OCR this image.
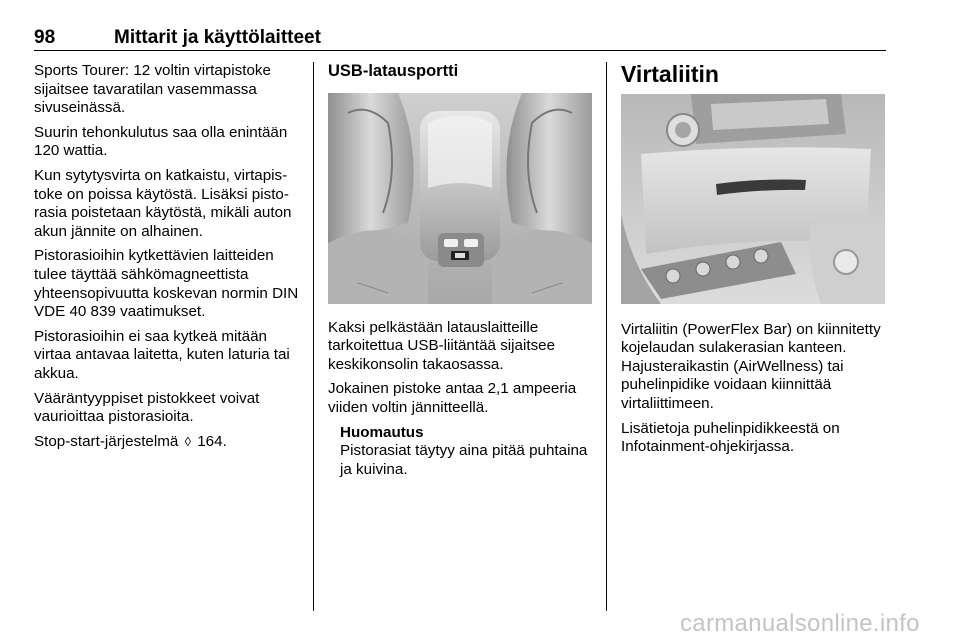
98	Mittarit ja käyttölaitteet

Sports Tourer: 12 voltin virtapistoke sijaitsee tavaratilan vasemmassa sivuseinässä.

Suurin tehonkulutus saa olla enintään 120 wattia.

Kun sytytysvirta on katkaistu, virtapistoke on poissa käytöstä. Lisäksi pistorasia poistetaan käytöstä, mikäli auton akun jännite on alhainen.

Pistorasioihin kytkettävien laitteiden tulee täyttää sähkömagneettista yhteensopivuutta koskevan normin DIN VDE 40 839 vaatimukset.

Pistorasioihin ei saa kytkeä mitään virtaa antavaa laitetta, kuten laturia tai akkua.

Vääräntyyppiset pistokkeet voivat vaurioittaa pistorasioita.

Stop-start-järjestelmä ◊ 164.

USB-latausportti

Kaksi pelkästään latauslaitteille tarkoitettua USB-liitäntää sijaitsee keskikonsolin takaosassa.

Jokainen pistoke antaa 2,1 ampeeria viiden voltin jännitteellä.

Huomautus
Pistorasiat täytyy aina pitää puhtaina ja kuivina.
Virtaliitin

Virtaliitin (PowerFlex Bar) on kiinnitetty kojelaudan sulakerasian kanteen. Hajusteraikastin (AirWellness) tai puhelinpidike voidaan kiinnittää virtaliittimeen.

Lisätietoja puhelinpidikkeestä on Infotainment-ohjekirjassa.

carmanualsonline.info
